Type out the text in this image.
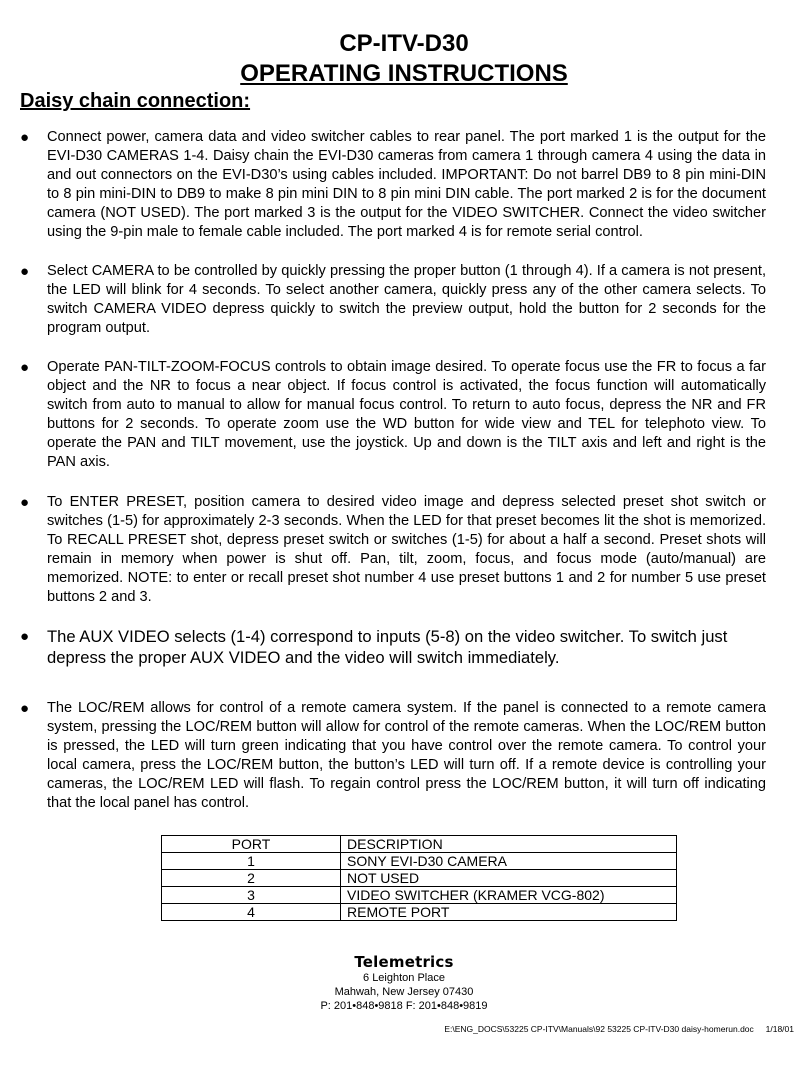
CP-ITV-D30
OPERATING INSTRUCTIONS
Daisy chain connection:
● Connect power, camera data and video switcher cables to rear panel. The port marked 1 is the output for the EVI-D30 CAMERAS 1-4. Daisy chain the EVI-D30 cameras from camera 1 through camera 4 using the data in and out connectors on the EVI-D30’s using cables included. IMPORTANT: Do not barrel DB9 to 8 pin mini-DIN to 8 pin mini-DIN to DB9 to make 8 pin mini DIN to 8 pin mini DIN cable. The port marked 2 is for the document camera (NOT USED). The port marked 3 is the output for the VIDEO SWITCHER. Connect the video switcher using the 9-pin male to female cable included. The port marked 4 is for remote serial control.
● Select CAMERA to be controlled by quickly pressing the proper button (1 through 4). If a camera is not present, the LED will blink for 4 seconds. To select another camera, quickly press any of the other camera selects. To switch CAMERA VIDEO depress quickly to switch the preview output, hold the button for 2 seconds for the program output.
● Operate PAN-TILT-ZOOM-FOCUS controls to obtain image desired. To operate focus use the FR to focus a far object and the NR to focus a near object. If focus control is activated, the focus function will automatically switch from auto to manual to allow for manual focus control. To return to auto focus, depress the NR and FR buttons for 2 seconds. To operate zoom use the WD button for wide view and TEL for telephoto view. To operate the PAN and TILT movement, use the joystick. Up and down is the TILT axis and left and right is the PAN axis.
● To ENTER PRESET, position camera to desired video image and depress selected preset shot switch or switches (1-5) for approximately 2-3 seconds. When the LED for that preset becomes lit the shot is memorized. To RECALL PRESET shot, depress preset switch or switches (1-5) for about a half a second. Preset shots will remain in memory when power is shut off. Pan, tilt, zoom, focus, and focus mode (auto/manual) are memorized. NOTE: to enter or recall preset shot number 4 use preset buttons 1 and 2 for number 5 use preset buttons 2 and 3.
● The AUX VIDEO selects (1-4) correspond to inputs (5-8) on the video switcher. To switch just depress the proper AUX VIDEO and the video will switch immediately.
● The LOC/REM allows for control of a remote camera system. If the panel is connected to a remote camera system, pressing the LOC/REM button will allow for control of the remote cameras. When the LOC/REM button is pressed, the LED will turn green indicating that you have control over the remote camera. To control your local camera, press the LOC/REM button, the button’s LED will turn off. If a remote device is controlling your cameras, the LOC/REM LED will flash. To regain control press the LOC/REM button, it will turn off indicating that the local panel has control.
PORT	DESCRIPTION
1	SONY EVI-D30 CAMERA
2	NOT USED
3	VIDEO SWITCHER (KRAMER VCG-802)
4	REMOTE PORT
Telemetrics
6 Leighton Place
Mahwah, New Jersey 07430
P: 201•848•9818 F: 201•848•9819
E:\ENG_DOCS\53225 CP-ITV\Manuals\92 53225 CP-ITV-D30 daisy-homerun.doc 1/18/01
